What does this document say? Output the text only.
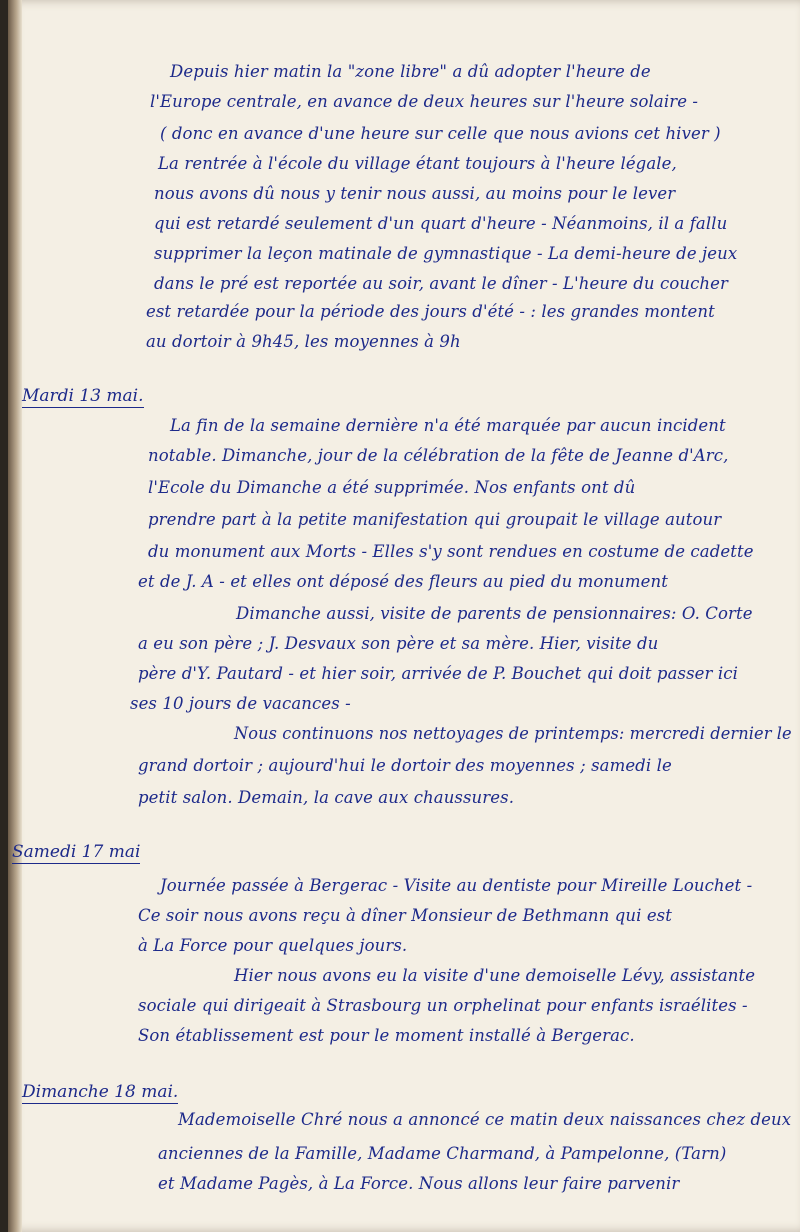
Depuis hier matin la "zone libre" a dû adopter l'heure de
l'Europe centrale, en avance de deux heures sur l'heure solaire -
( donc en avance d'une heure sur celle que nous avions cet hiver )
La rentrée à l'école du village étant toujours à l'heure légale,
nous avons dû nous y tenir nous aussi, au moins pour le lever
qui est retardé seulement d'un quart d'heure - Néanmoins, il a fallu
supprimer la leçon matinale de gymnastique - La demi-heure de jeux
dans le pré est reportée au soir, avant le dîner - L'heure du coucher
est retardée pour la période des jours d'été - : les grandes montent
au dortoir à 9h45, les moyennes à 9h
Mardi 13 mai.
La fin de la semaine dernière n'a été marquée par aucun incident
notable. Dimanche, jour de la célébration de la fête de Jeanne d'Arc,
l'Ecole du Dimanche a été supprimée. Nos enfants ont dû
prendre part à la petite manifestation qui groupait le village autour
du monument aux Morts - Elles s'y sont rendues en costume de cadette
et de J. A - et elles ont déposé des fleurs au pied du monument
Dimanche aussi, visite de parents de pensionnaires: O. Corte
a eu son père ; J. Desvaux son père et sa mère. Hier, visite du
père d'Y. Pautard - et hier soir, arrivée de P. Bouchet qui doit passer ici
ses 10 jours de vacances -
Nous continuons nos nettoyages de printemps: mercredi dernier le
grand dortoir ; aujourd'hui le dortoir des moyennes ; samedi le
petit salon. Demain, la cave aux chaussures.
Samedi 17 mai
Journée passée à Bergerac - Visite au dentiste pour Mireille Louchet -
Ce soir nous avons reçu à dîner Monsieur de Bethmann qui est
à La Force pour quelques jours.
Hier nous avons eu la visite d'une demoiselle Lévy, assistante
sociale qui dirigeait à Strasbourg un orphelinat pour enfants israélites -
Son établissement est pour le moment installé à Bergerac.
Dimanche 18 mai.
Mademoiselle Chré nous a annoncé ce matin deux naissances chez deux
anciennes de la Famille, Madame Charmand, à Pampelonne, (Tarn)
et Madame Pagès, à La Force. Nous allons leur faire parvenir
